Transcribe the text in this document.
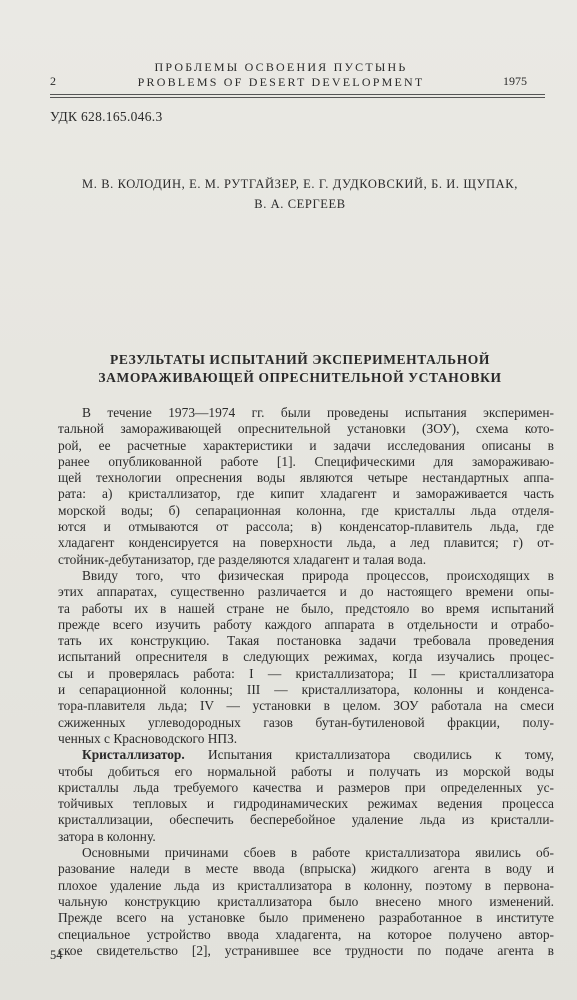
2
ПРОБЛЕМЫ ОСВОЕНИЯ ПУСТЫНЬ
PROBLEMS OF DESERT DEVELOPMENT	1975
УДК 628.165.046.3
М. В. КОЛОДИН, Е. М. РУТГАЙЗЕР, Е. Г. ДУДКОВСКИЙ, Б. И. ЩУПАК,
В. А. СЕРГЕЕВ
РЕЗУЛЬТАТЫ ИСПЫТАНИЙ ЭКСПЕРИМЕНТАЛЬНОЙ
ЗАМОРАЖИВАЮЩЕЙ ОПРЕСНИТЕЛЬНОЙ УСТАНОВКИ
В течение 1973—1974 гг. были проведены испытания эксперимен-
тальной замораживающей опреснительной установки (ЗОУ), схема кото-
рой, ее расчетные характеристики и задачи исследования описаны в
ранее опубликованной работе [1]. Специфическими для замораживаю-
щей технологии опреснения воды являются четыре нестандартных аппа-
рата: а) кристаллизатор, где кипит хладагент и замораживается часть
морской воды; б) сепарационная колонна, где кристаллы льда отделя-
ются и отмываются от рассола; в) конденсатор-плавитель льда, где
хладагент конденсируется на поверхности льда, а лед плавится; г) от-
стойник-дебутанизатор, где разделяются хладагент и талая вода.
Ввиду того, что физическая природа процессов, происходящих в
этих аппаратах, существенно различается и до настоящего времени опы-
та работы их в нашей стране не было, предстояло во время испытаний
прежде всего изучить работу каждого аппарата в отдельности и отрабо-
тать их конструкцию. Такая постановка задачи требовала проведения
испытаний опреснителя в следующих режимах, когда изучались процес-
сы и проверялась работа: I — кристаллизатора; II — кристаллизатора
и сепарационной колонны; III — кристаллизатора, колонны и конденса-
тора-плавителя льда; IV — установки в целом. ЗОУ работала на смеси
сжиженных углеводородных газов бутан-бутиленовой фракции, полу-
ченных с Красноводского НПЗ.
Кристаллизатор. Испытания кристаллизатора сводились к тому,
чтобы добиться его нормальной работы и получать из морской воды
кристаллы льда требуемого качества и размеров при определенных ус-
тойчивых тепловых и гидродинамических режимах ведения процесса
кристаллизации, обеспечить бесперебойное удаление льда из кристалли-
затора в колонну.
Основными причинами сбоев в работе кристаллизатора явились об-
разование наледи в месте ввода (впрыска) жидкого агента в воду и
плохое удаление льда из кристаллизатора в колонну, поэтому в первона-
чальную конструкцию кристаллизатора было внесено много изменений.
Прежде всего на установке было применено разработанное в институте
специальное устройство ввода хладагента, на которое получено автор-
ское свидетельство [2], устранившее все трудности по подаче агента в
54
